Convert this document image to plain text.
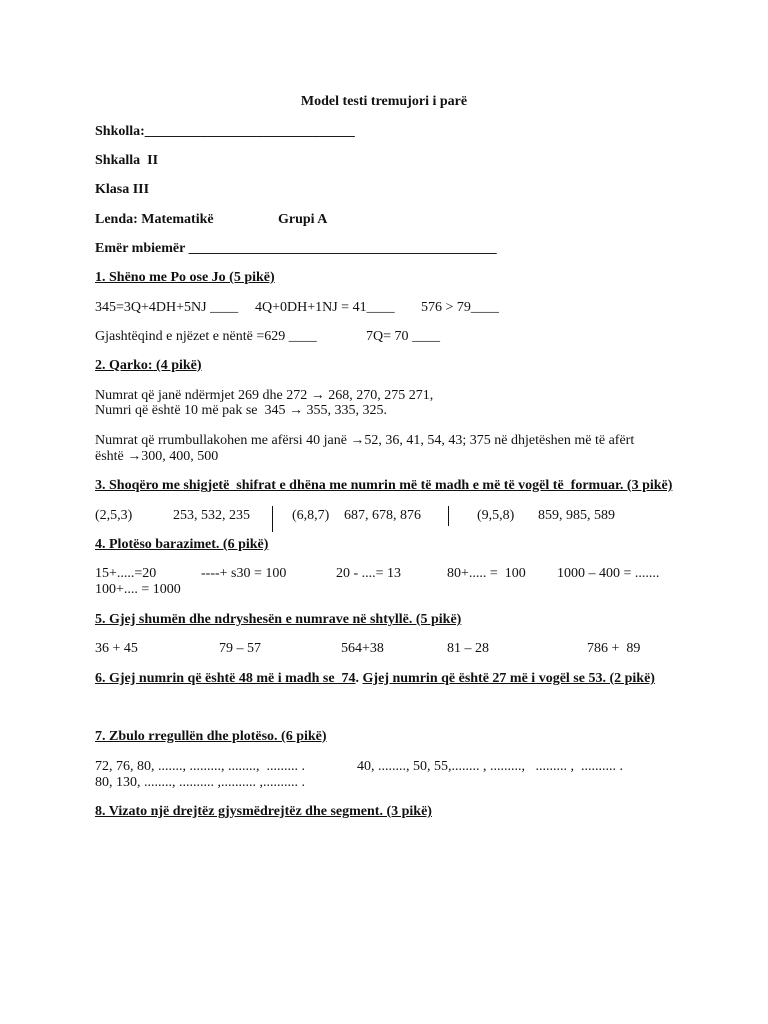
Model testi tremujori i parë
Shkolla:______________________________
Shkalla  II
Klasa III
Lenda: Matematikë	Grupi A
Emër mbiemër ____________________________________________
1. Shëno me Po ose Jo (5 pikë)
345=3Q+4DH+5NJ ____ 4Q+0DH+1NJ = 41____ 576 > 79____
Gjashtëqind e njëzet e nëntë =629 ____	7Q= 70 ____
2. Qarko: (4 pikë)
Numrat që janë ndërmjet 269 dhe 272 → 268, 270, 275 271,
Numri që është 10 më pak se  345 → 355, 335, 325.
Numrat që rrumbullakohen me afërsi 40 janë →52, 36, 41, 54, 43; 375 në dhjetëshen më të afërt
është →300, 400, 500
3. Shoqëro me shigjetë  shifrat e dhëna me numrin më të madh e më të vogël të  formuar. (3 pikë)
(2,5,3)	253, 532, 235	(6,8,7) 687, 678, 876	(9,5,8) 859, 985, 589
4. Plotëso barazimet. (6 pikë)
15+.....=20	----+ s30 = 100	20 - ....= 13	80+..... =  100 1000 – 400 = .......
100+.... = 1000
5. Gjej shumën dhe ndryshesën e numrave në shtyllë. (5 pikë)
36 + 45	79 – 57	564+38	81 – 28	786 +  89
6. Gjej numrin që është 48 më i madh se  74. Gjej numrin që është 27 më i vogël se 53. (2 pikë)
7. Zbulo rregullën dhe plotëso. (6 pikë)
72, 76, 80, ......., ........., ........,  ......... .	40, ........, 50, 55,........ , .........,   ......... ,  .......... .
80, 130, ........, .......... ,.......... ,.......... .
8. Vizato një drejtëz gjysmëdrejtëz dhe segment. (3 pikë)
